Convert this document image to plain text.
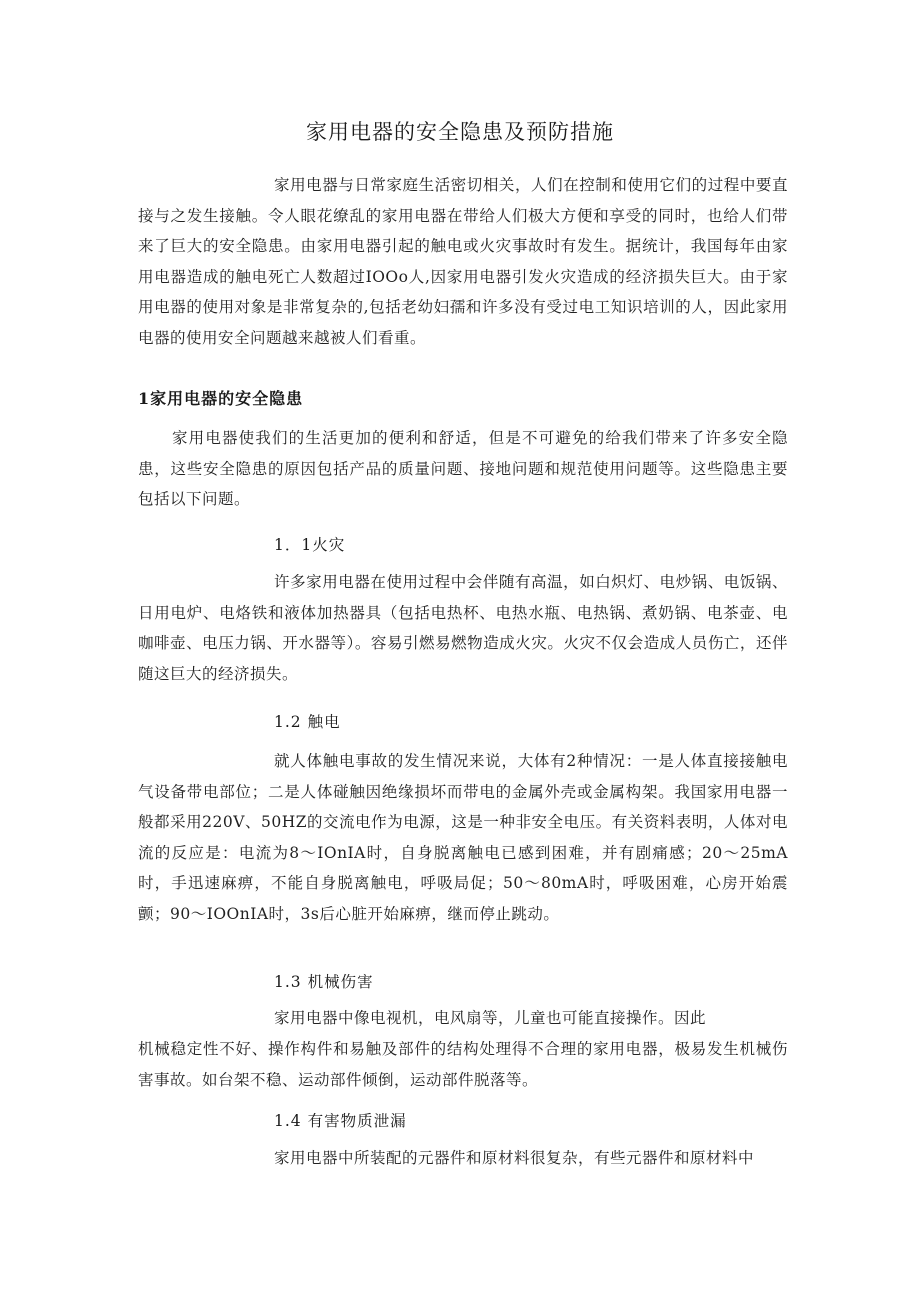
家用电器的安全隐患及预防措施
家用电器与日常家庭生活密切相关，人们在控制和使用它们的过程中要直接与之发生接触。令人眼花缭乱的家用电器在带给人们极大方便和享受的同时，也给人们带来了巨大的安全隐患。由家用电器引起的触电或火灾事故时有发生。据统计，我国每年由家用电器造成的触电死亡人数超过IOOo人,因家用电器引发火灾造成的经济损失巨大。由于家用电器的使用对象是非常复杂的,包括老幼妇孺和许多没有受过电工知识培训的人，因此家用电器的使用安全问题越来越被人们看重。
1家用电器的安全隐患
家用电器使我们的生活更加的便利和舒适，但是不可避免的给我们带来了许多安全隐患，这些安全隐患的原因包括产品的质量问题、接地问题和规范使用问题等。这些隐患主要包括以下问题。
1．1火灾
许多家用电器在使用过程中会伴随有高温，如白炽灯、电炒锅、电饭锅、日用电炉、电烙铁和液体加热器具（包括电热杯、电热水瓶、电热锅、煮奶锅、电茶壶、电咖啡壶、电压力锅、开水器等）。容易引燃易燃物造成火灾。火灾不仅会造成人员伤亡，还伴随这巨大的经济损失。
1.2 触电
就人体触电事故的发生情况来说，大体有2种情况：一是人体直接接触电气设备带电部位；二是人体碰触因绝缘损坏而带电的金属外壳或金属构架。我国家用电器一般都采用220V、50HZ的交流电作为电源，这是一种非安全电压。有关资料表明，人体对电流的反应是：电流为8～IOnIA时，自身脱离触电已感到困难，并有剧痛感；20～25mA时，手迅速麻痹，不能自身脱离触电，呼吸局促；50～80mA时，呼吸困难，心房开始震颤；90～IOOnIA时，3s后心脏开始麻痹，继而停止跳动。
1.3 机械伤害
家用电器中像电视机，电风扇等，儿童也可能直接操作。因此
机械稳定性不好、操作构件和易触及部件的结构处理得不合理的家用电器，极易发生机械伤害事故。如台架不稳、运动部件倾倒，运动部件脱落等。
1.4 有害物质泄漏
家用电器中所装配的元器件和原材料很复杂，有些元器件和原材料中
